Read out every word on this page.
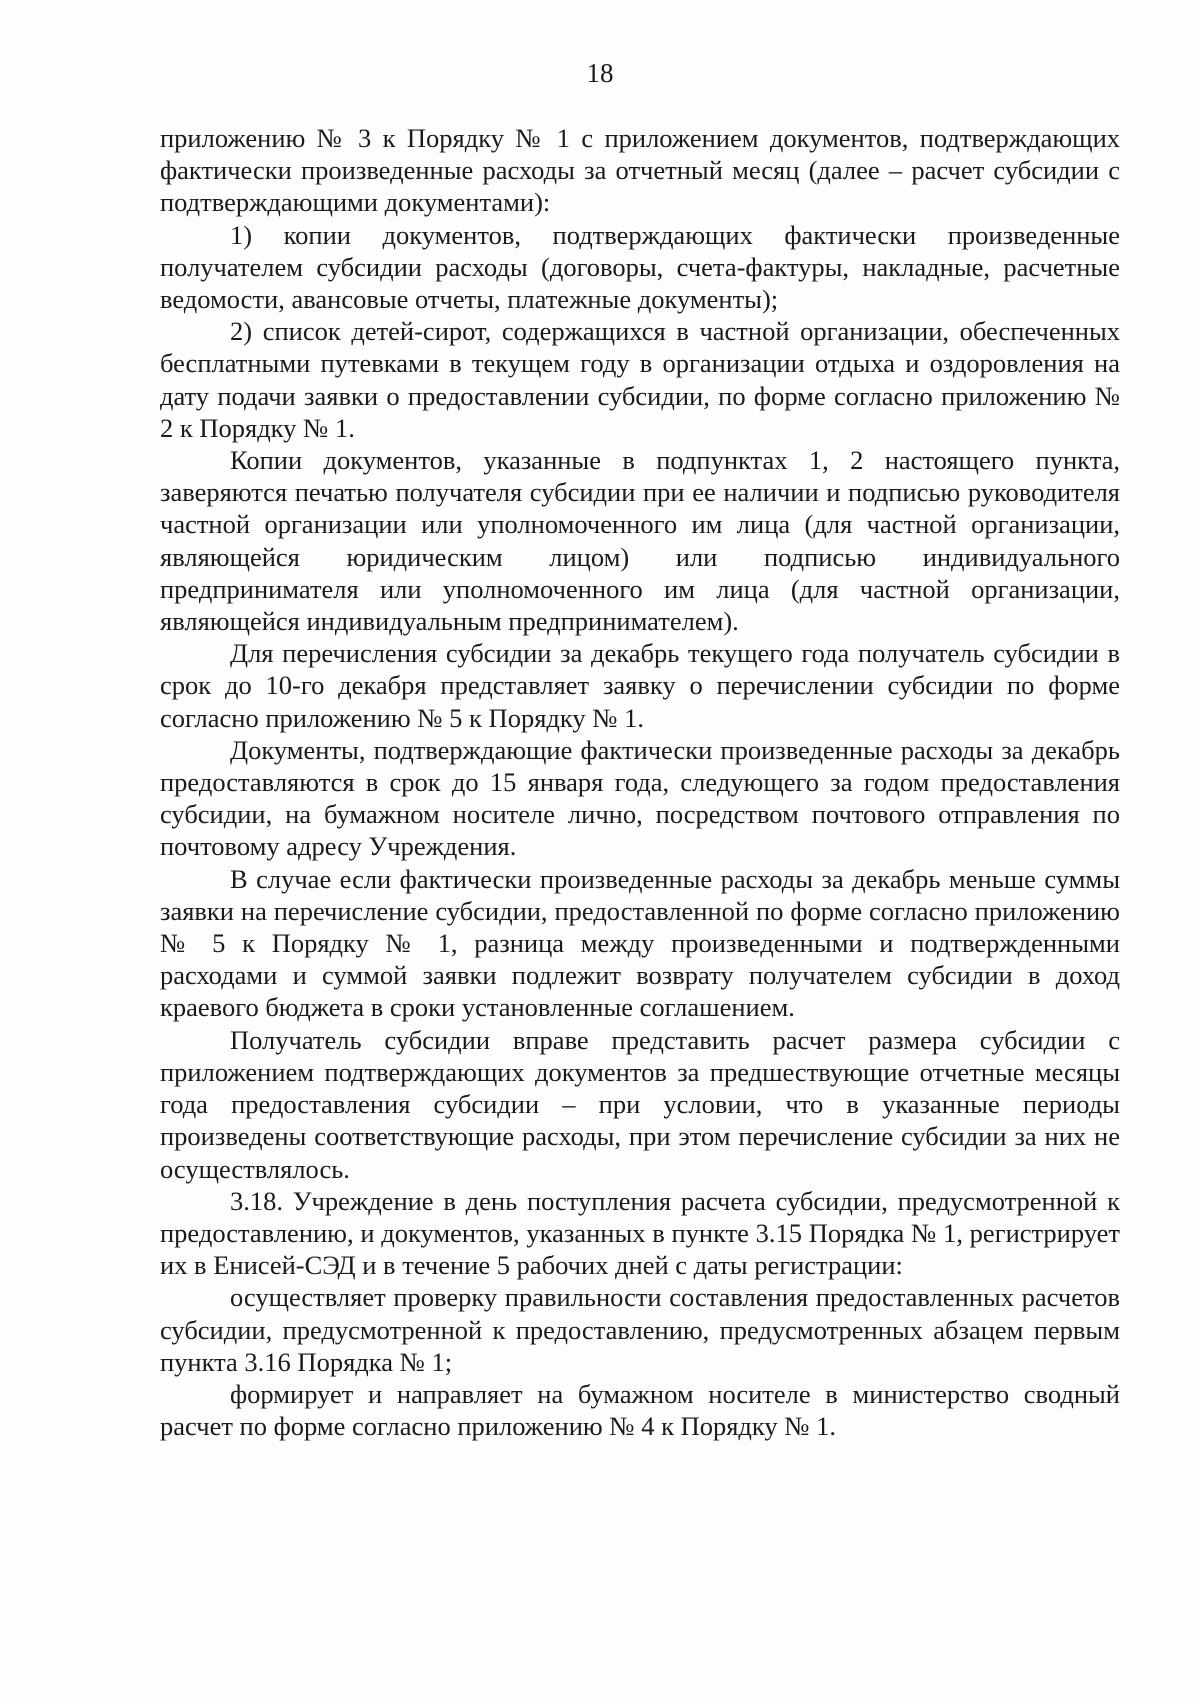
18

приложению № 3 к Порядку № 1 с приложением документов, подтверждающих фактически произведенные расходы за отчетный месяц (далее – расчет субсидии с подтверждающими документами):

1) копии документов, подтверждающих фактически произведенные получателем субсидии расходы (договоры, счета-фактуры, накладные, расчетные ведомости, авансовые отчеты, платежные документы);

2) список детей-сирот, содержащихся в частной организации, обеспеченных бесплатными путевками в текущем году в организации отдыха и оздоровления на дату подачи заявки о предоставлении субсидии, по форме согласно приложению № 2 к Порядку № 1.

Копии документов, указанные в подпунктах 1, 2 настоящего пункта, заверяются печатью получателя субсидии при ее наличии и подписью руководителя частной организации или уполномоченного им лица (для частной организации, являющейся юридическим лицом) или подписью индивидуального предпринимателя или уполномоченного им лица (для частной организации, являющейся индивидуальным предпринимателем).

Для перечисления субсидии за декабрь текущего года получатель субсидии в срок до 10-го декабря представляет заявку о перечислении субсидии по форме согласно приложению № 5 к Порядку № 1.

Документы, подтверждающие фактически произведенные расходы за декабрь предоставляются в срок до 15 января года, следующего за годом предоставления субсидии, на бумажном носителе лично, посредством почтового отправления по почтовому адресу Учреждения.

В случае если фактически произведенные расходы за декабрь меньше суммы заявки на перечисление субсидии, предоставленной по форме согласно приложению № 5 к Порядку № 1, разница между произведенными и подтвержденными расходами и суммой заявки подлежит возврату получателем субсидии в доход краевого бюджета в сроки установленные соглашением.

Получатель субсидии вправе представить расчет размера субсидии с приложением подтверждающих документов за предшествующие отчетные месяцы года предоставления субсидии – при условии, что в указанные периоды произведены соответствующие расходы, при этом перечисление субсидии за них не осуществлялось.

3.18. Учреждение в день поступления расчета субсидии, предусмотренной к предоставлению, и документов, указанных в пункте 3.15 Порядка № 1, регистрирует их в Енисей-СЭД и в течение 5 рабочих дней с даты регистрации:

осуществляет проверку правильности составления предоставленных расчетов субсидии, предусмотренной к предоставлению, предусмотренных абзацем первым пункта 3.16 Порядка № 1;

формирует и направляет на бумажном носителе в министерство сводный расчет по форме согласно приложению № 4 к Порядку № 1.
